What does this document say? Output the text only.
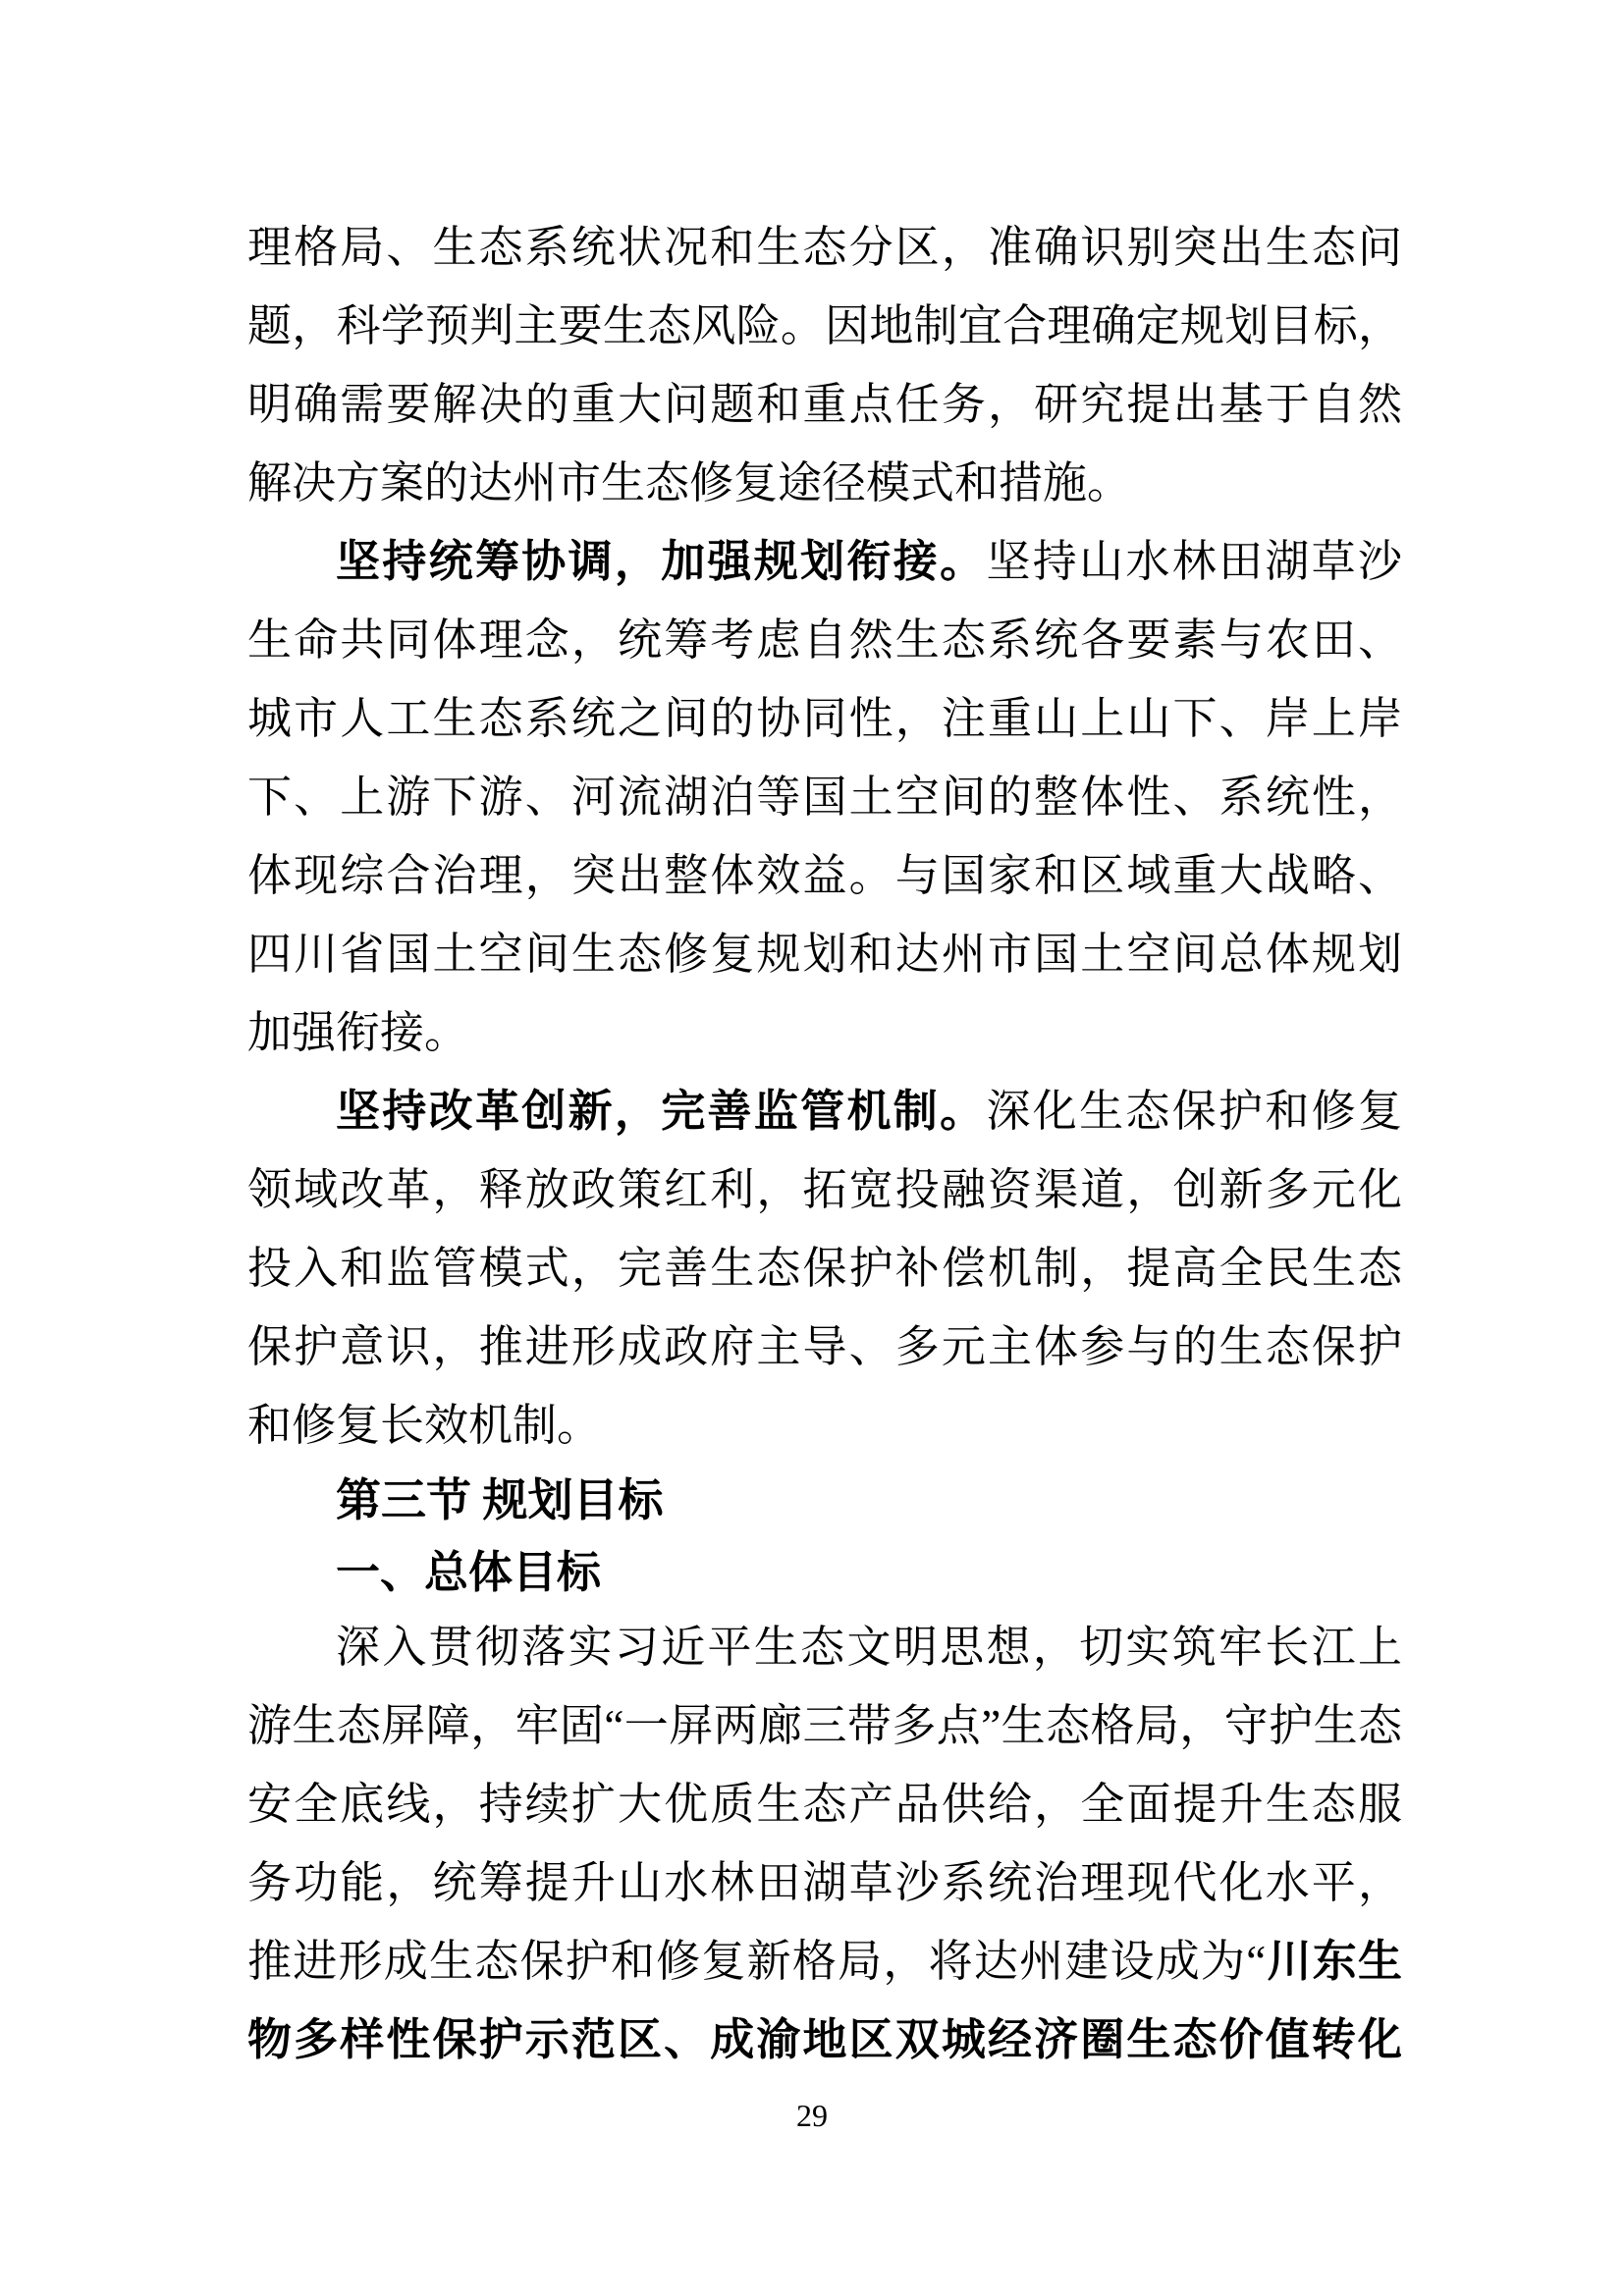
理格局、生态系统状况和生态分区，准确识别突出生态问
题，科学预判主要生态风险。因地制宜合理确定规划目标，
明确需要解决的重大问题和重点任务，研究提出基于自然
解决方案的达州市生态修复途径模式和措施。
坚持统筹协调，加强规划衔接。坚持山水林田湖草沙
生命共同体理念，统筹考虑自然生态系统各要素与农田、
城市人工生态系统之间的协同性，注重山上山下、岸上岸
下、上游下游、河流湖泊等国土空间的整体性、系统性，
体现综合治理，突出整体效益。与国家和区域重大战略、
四川省国土空间生态修复规划和达州市国土空间总体规划
加强衔接。
坚持改革创新，完善监管机制。深化生态保护和修复
领域改革，释放政策红利，拓宽投融资渠道，创新多元化
投入和监管模式，完善生态保护补偿机制，提高全民生态
保护意识，推进形成政府主导、多元主体参与的生态保护
和修复长效机制。
第三节 规划目标
一、总体目标
深入贯彻落实习近平生态文明思想，切实筑牢长江上
游生态屏障，牢固“一屏两廊三带多点”生态格局，守护生态
安全底线，持续扩大优质生态产品供给，全面提升生态服
务功能，统筹提升山水林田湖草沙系统治理现代化水平，
推进形成生态保护和修复新格局，将达州建设成为“川东生
物多样性保护示范区、成渝地区双城经济圈生态价值转化
29
